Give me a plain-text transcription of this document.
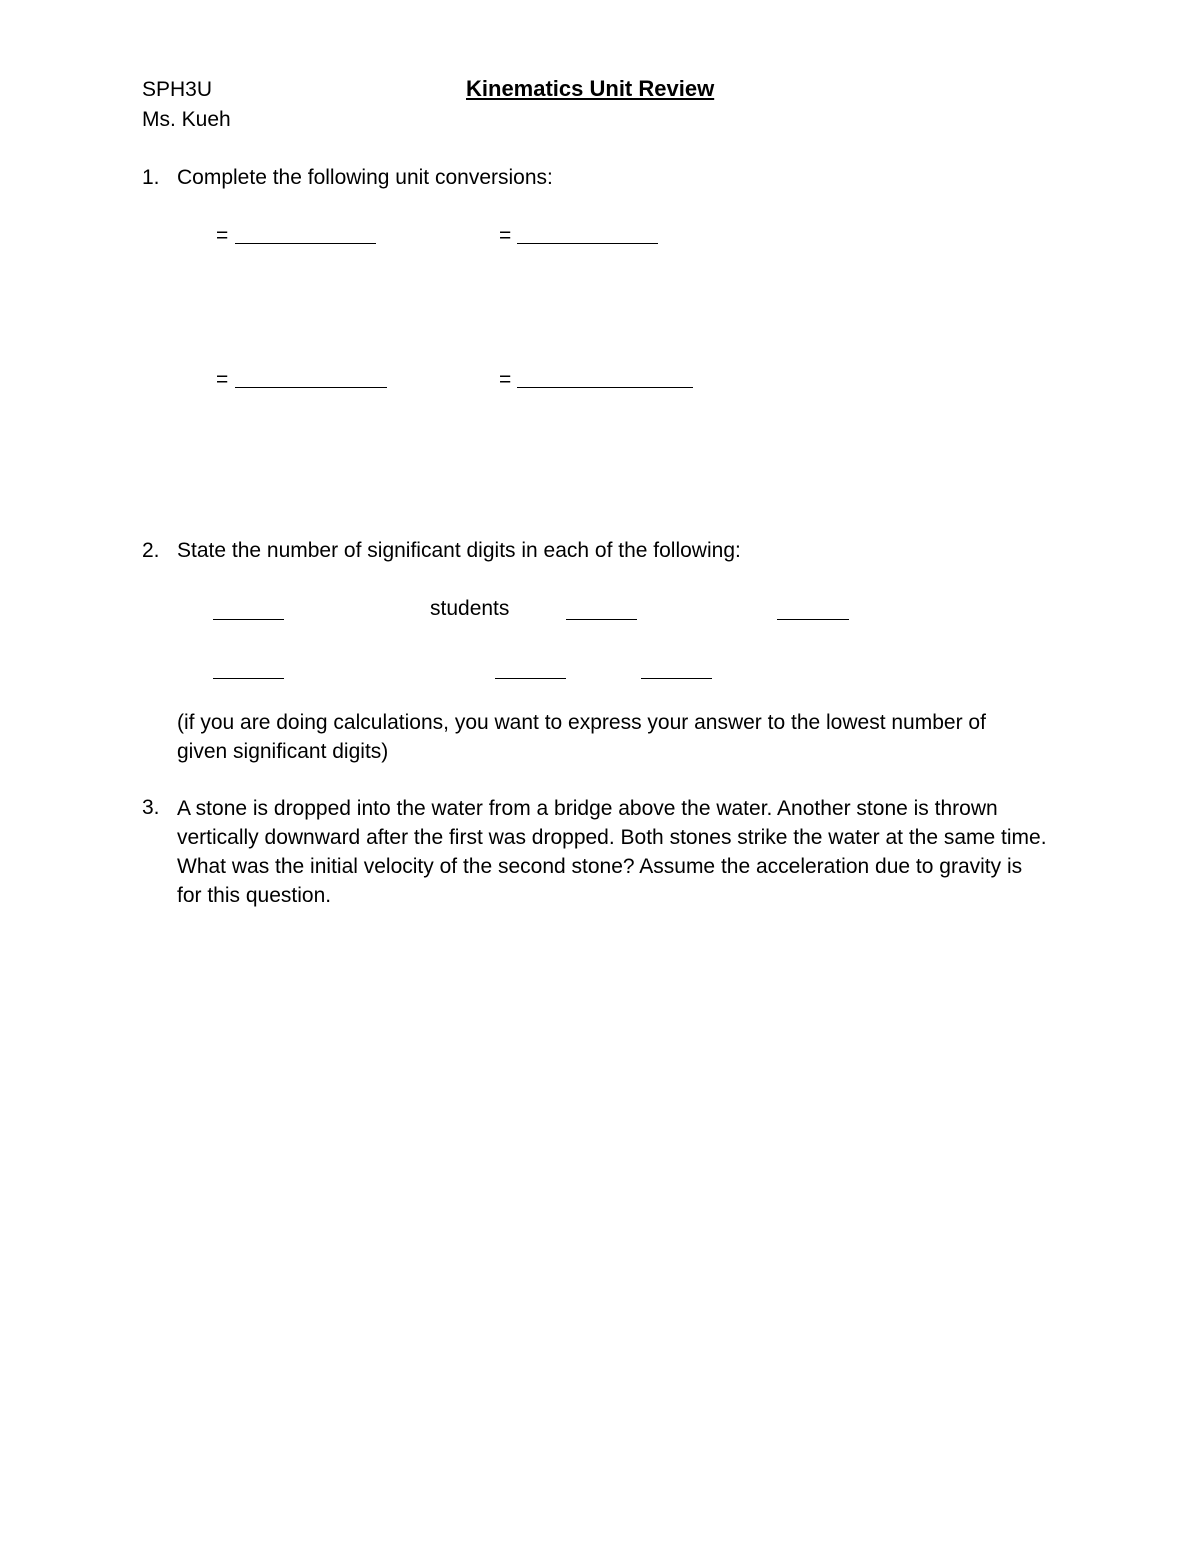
SPH3U	Kinematics Unit Review
Ms. Kueh
1. Complete the following unit conversions:
=	=
=	=
2. State the number of significant digits in each of the following:
students
(if you are doing calculations, you want to express your answer to the lowest number of given significant digits)
3. A stone is dropped into the water from a bridge above the water. Another stone is thrown vertically downward after the first was dropped. Both stones strike the water at the same time. What was the initial velocity of the second stone? Assume the acceleration due to gravity is for this question.
